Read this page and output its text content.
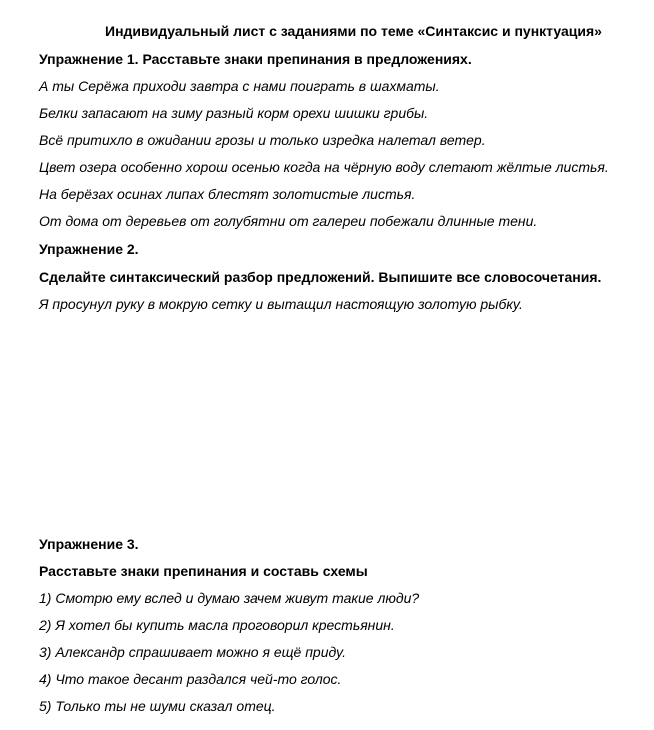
Индивидуальный лист с заданиями по теме «Синтаксис и пунктуация»
Упражнение 1. Расставьте знаки препинания в предложениях.
А ты Серёжа приходи завтра с нами поиграть в шахматы.
Белки запасают на зиму разный корм орехи шишки грибы.
Всё притихло в ожидании грозы и только изредка налетал ветер.
Цвет озера особенно хорош осенью когда на чёрную воду слетают жёлтые листья.
На берёзах осинах липах блестят золотистые листья.
От дома от деревьев от голубятни от галереи побежали длинные тени.
Упражнение 2.
Сделайте синтаксический разбор предложений. Выпишите все словосочетания.
Я просунул руку в мокрую сетку и вытащил настоящую золотую рыбку.
Упражнение 3.
Расставьте знаки препинания и составь схемы
1) Смотрю ему вслед и думаю зачем живут такие люди?
2) Я хотел бы купить масла проговорил крестьянин.
3) Александр спрашивает можно я ещё приду.
4) Что такое десант раздался чей-то голос.
5) Только ты не шуми сказал отец.
